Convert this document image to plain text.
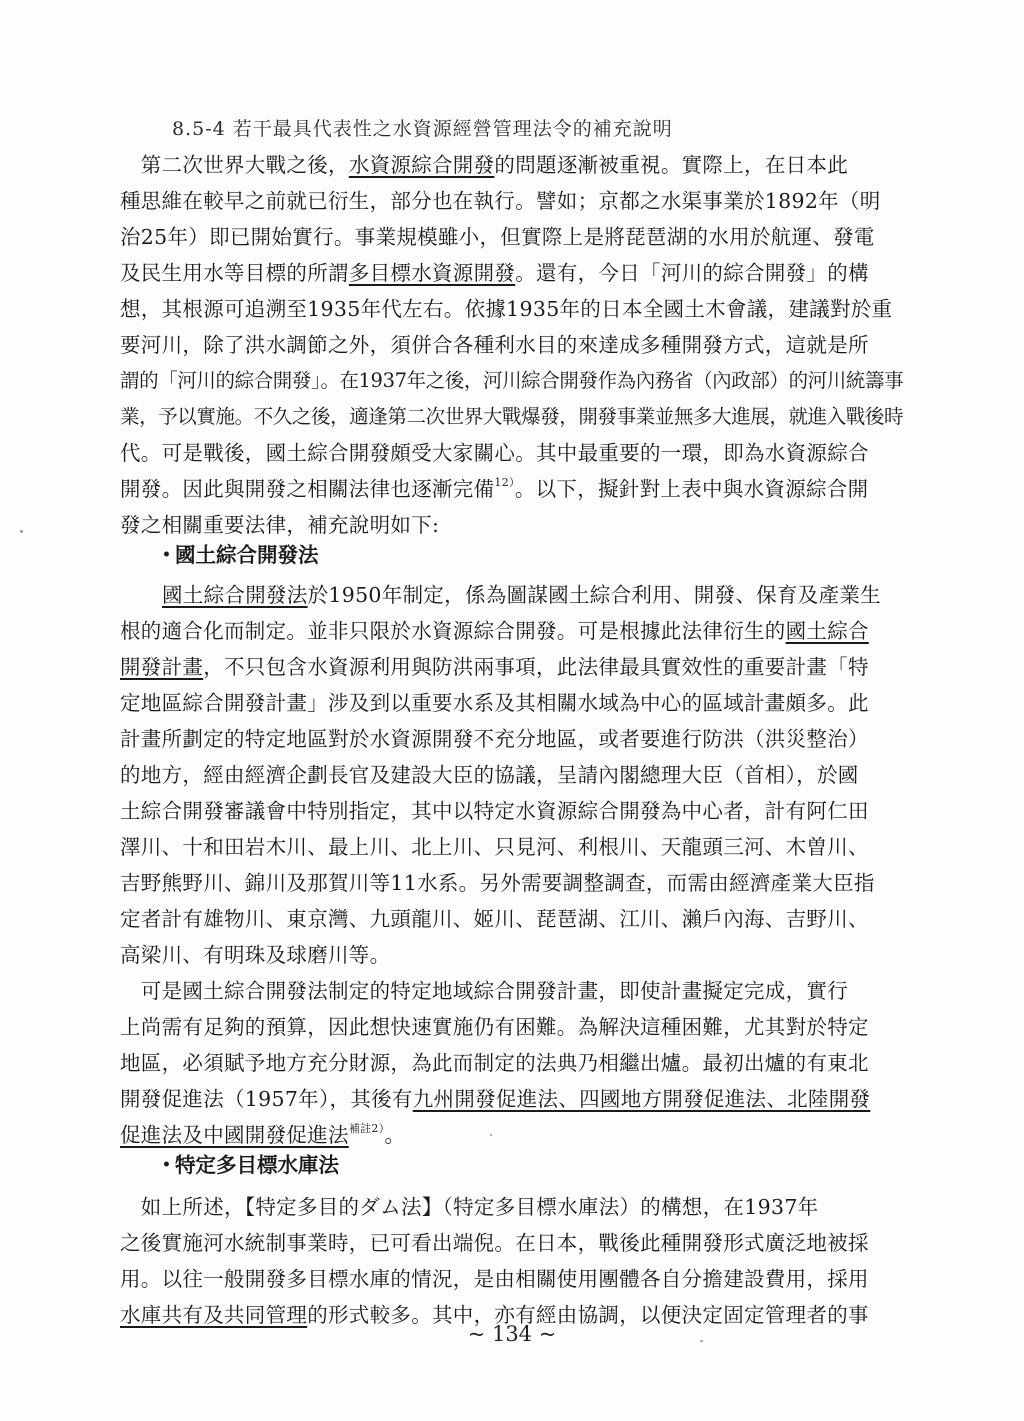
8.5-4 若干最具代表性之水資源經營管理法令的補充說明
　第二次世界大戰之後，水資源綜合開發的問題逐漸被重視。實際上，在日本此
種思維在較早之前就已衍生，部分也在執行。譬如；京都之水渠事業於1892年（明
治25年）即已開始實行。事業規模雖小，但實際上是將琵琶湖的水用於航運、發電
及民生用水等目標的所謂多目標水資源開發。還有，今日「河川的綜合開發」的構
想，其根源可追溯至1935年代左右。依據1935年的日本全國土木會議，建議對於重
要河川，除了洪水調節之外，須併合各種利水目的來達成多種開發方式，這就是所
謂的「河川的綜合開發」。在1937年之後，河川綜合開發作為內務省（內政部）的河川統籌事
業，予以實施。不久之後，適逢第二次世界大戰爆發，開發事業並無多大進展，就進入戰後時
代。可是戰後，國土綜合開發頗受大家關心。其中最重要的一環，即為水資源綜合
開發。因此與開發之相關法律也逐漸完備$^{12)}$。以下，擬針對上表中與水資源綜合開
發之相關重要法律，補充說明如下:
• 國土綜合開發法
國土綜合開發法於1950年制定，係為圖謀國土綜合利用、開發、保育及產業生
根的適合化而制定。並非只限於水資源綜合開發。可是根據此法律衍生的國土綜合
開發計畫，不只包含水資源利用與防洪兩事項，此法律最具實效性的重要計畫「特
定地區綜合開發計畫」涉及到以重要水系及其相關水域為中心的區域計畫頗多。此
計畫所劃定的特定地區對於水資源開發不充分地區，或者要進行防洪（洪災整治）
的地方，經由經濟企劃長官及建設大臣的協議，呈請內閣總理大臣（首相），於國
土綜合開發審議會中特別指定，其中以特定水資源綜合開發為中心者，計有阿仁田
澤川、十和田岩木川、最上川、北上川、只見河、利根川、天龍頭三河、木曽川、
吉野熊野川、錦川及那賀川等11水系。另外需要調整調查，而需由經濟產業大臣指
定者計有雄物川、東京灣、九頭龍川、姬川、琵琶湖、江川、瀨戶內海、吉野川、
高梁川、有明珠及球磨川等。
　可是國土綜合開發法制定的特定地域綜合開發計畫，即使計畫擬定完成，實行
上尚需有足夠的預算，因此想快速實施仍有困難。為解決這種困難，尤其對於特定
地區，必須賦予地方充分財源，為此而制定的法典乃相繼出爐。最初出爐的有東北
開發促進法（1957年），其後有九州開發促進法、四國地方開發促進法、北陸開發
促進法及中國開發促進法$^{補註2)}$。
• 特定多目標水庫法
　如上所述，【特定多目的ダム法】（特定多目標水庫法）的構想，在1937年
之後實施河水統制事業時，已可看出端倪。在日本，戰後此種開發形式廣泛地被採
用。以往一般開發多目標水庫的情況，是由相關使用團體各自分擔建設費用，採用
水庫共有及共同管理的形式較多。其中，亦有經由協調，以便決定固定管理者的事
~ 134 ~
